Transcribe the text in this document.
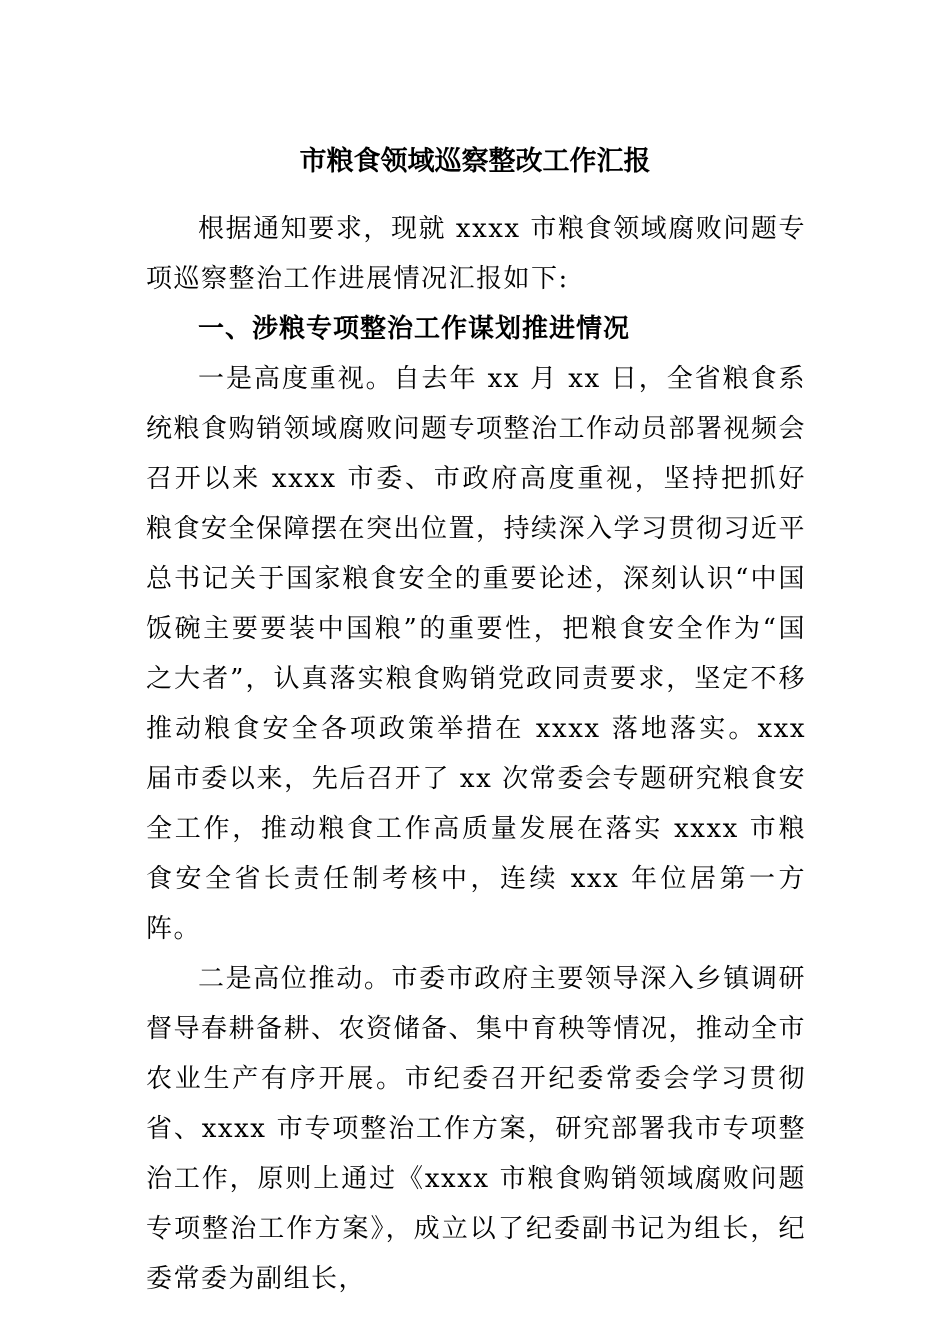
市粮食领域巡察整改工作汇报

根据通知要求，现就 xxxx 市粮食领域腐败问题专项巡察整治工作进展情况汇报如下:

一、涉粮专项整治工作谋划推进情况

一是高度重视。自去年 xx 月 xx 日，全省粮食系统粮食购销领域腐败问题专项整治工作动员部署视频会召开以来 xxxx 市委、市政府高度重视，坚持把抓好粮食安全保障摆在突出位置，持续深入学习贯彻习近平总书记关于国家粮食安全的重要论述，深刻认识“中国饭碗主要要装中国粮”的重要性，把粮食安全作为“国之大者”，认真落实粮食购销党政同责要求，坚定不移推动粮食安全各项政策举措在 xxxx 落地落实。xxx 届市委以来，先后召开了 xx 次常委会专题研究粮食安全工作，推动粮食工作高质量发展在落实 xxxx 市粮食安全省长责任制考核中，连续 xxx 年位居第一方阵。

二是高位推动。市委市政府主要领导深入乡镇调研督导春耕备耕、农资储备、集中育秧等情况，推动全市农业生产有序开展。市纪委召开纪委常委会学习贯彻省、xxxx 市专项整治工作方案，研究部署我市专项整治工作，原则上通过《xxxx 市粮食购销领域腐败问题专项整治工作方案》，成立以了纪委副书记为组长，纪委常委为副组长，
